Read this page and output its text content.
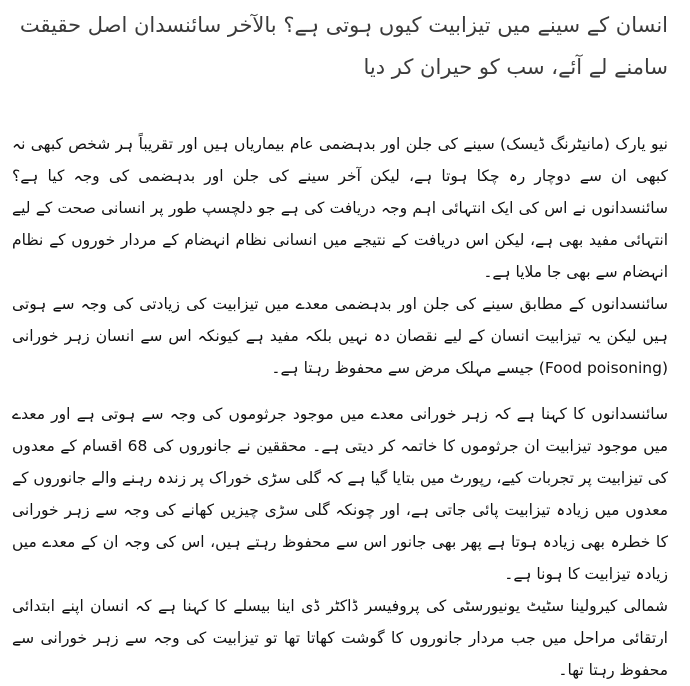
انسان کے سینے میں تیزابیت کیوں ہوتی ہے؟ بالآخر سائنسدان اصل حقیقت سامنے لے آئے، سب کو حیران کر دیا

نیو یارک (مانیٹرنگ ڈیسک) سینے کی جلن اور بدہضمی عام بیماریاں ہیں اور تقریباً ہر شخص کبھی نہ کبھی ان سے دوچار رہ چکا ہوتا ہے، لیکن آخر سینے کی جلن اور بدہضمی کی وجہ کیا ہے؟ سائنسدانوں نے اس کی ایک انتہائی اہم وجہ دریافت کی ہے جو دلچسپ طور پر انسانی صحت کے لیے انتہائی مفید بھی ہے، لیکن اس دریافت کے نتیجے میں انسانی نظام انہضام کے مردار خوروں کے نظام انہضام سے بھی جا ملایا ہے۔

سائنسدانوں کے مطابق سینے کی جلن اور بدہضمی معدے میں تیزابیت کی زیادتی کی وجہ سے ہوتی ہیں لیکن یہ تیزابیت انسان کے لیے نقصان دہ نہیں بلکہ مفید ہے کیونکہ اس سے انسان زہر خورانی (Food poisoning) جیسے مہلک مرض سے محفوظ رہتا ہے۔

سائنسدانوں کا کہنا ہے کہ زہر خورانی معدے میں موجود جرثوموں کی وجہ سے ہوتی ہے اور معدے میں موجود تیزابیت ان جرثوموں کا خاتمہ کر دیتی ہے۔ محققین نے جانوروں کی 68 اقسام کے معدوں کی تیزابیت پر تجربات کیے، رپورٹ میں بتایا گیا ہے کہ گلی سڑی خوراک پر زندہ رہنے والے جانوروں کے معدوں میں زیادہ تیزابیت پائی جاتی ہے، اور چونکہ گلی سڑی چیزیں کھانے کی وجہ سے زہر خورانی کا خطرہ بھی زیادہ ہوتا ہے پھر بھی جانور اس سے محفوظ رہتے ہیں، اس کی وجہ ان کے معدے میں زیادہ تیزابیت کا ہونا ہے۔

شمالی کیرولینا سٹیٹ یونیورسٹی کی پروفیسر ڈاکٹر ڈی اینا بیسلے کا کہنا ہے کہ انسان اپنے ابتدائی ارتقائی مراحل میں جب مردار جانوروں کا گوشت کھاتا تھا تو تیزابیت کی وجہ سے زہر خورانی سے محفوظ رہتا تھا۔
